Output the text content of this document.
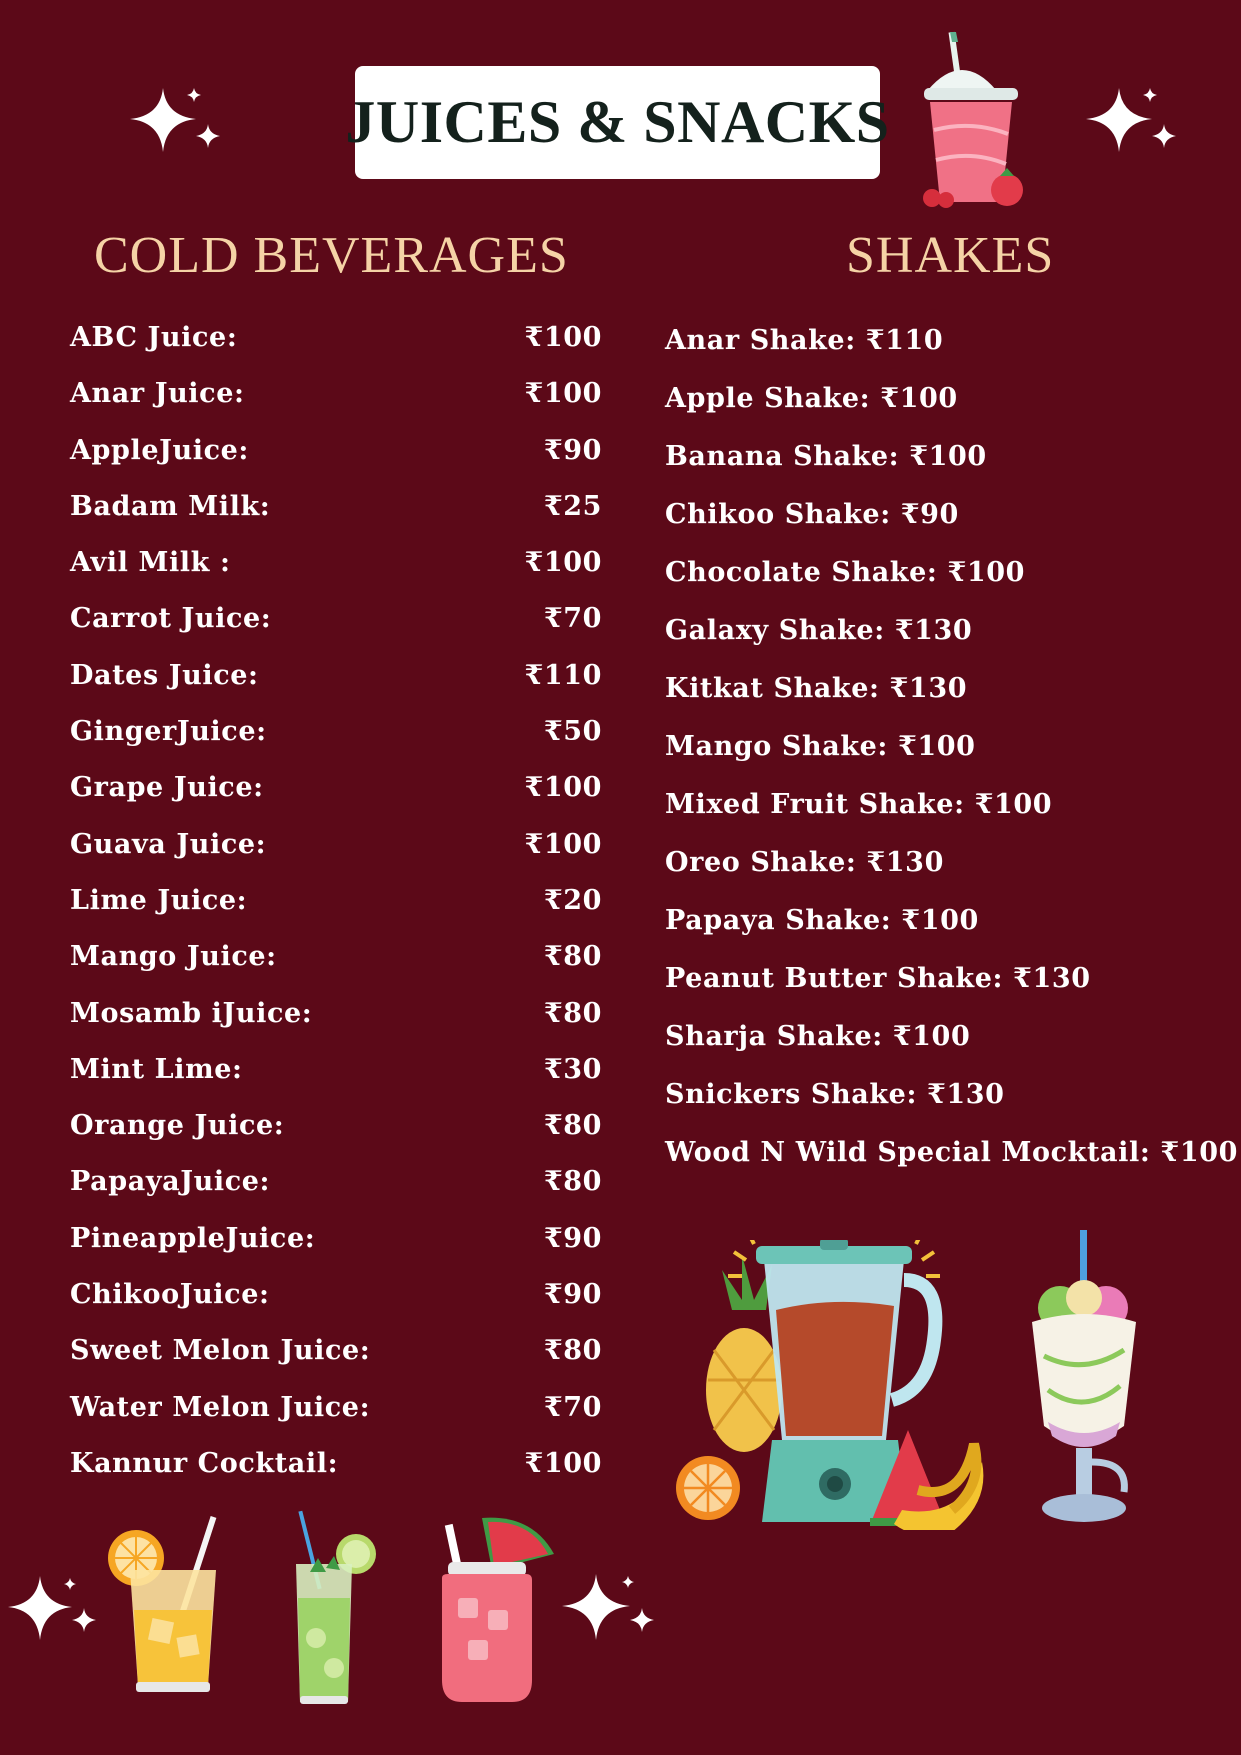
JUICES & SNACKS
COLD BEVERAGES	SHAKES
ABC Juice:	₹100
Anar Juice:	₹100
AppleJuice:	₹90
Badam Milk:	₹25
Avil Milk :	₹100
Carrot Juice:	₹70
Dates Juice:	₹110
GingerJuice:	₹50
Grape Juice:	₹100
Guava Juice:	₹100
Lime Juice:	₹20
Mango Juice:	₹80
Mosamb iJuice:	₹80
Mint Lime:	₹30
Orange Juice:	₹80
PapayaJuice:	₹80
PineappleJuice:	₹90
ChikooJuice:	₹90
Sweet Melon Juice:	₹80
Water Melon Juice:	₹70
Kannur Cocktail:	₹100
Anar Shake: ₹110
Apple Shake: ₹100
Banana Shake: ₹100
Chikoo Shake: ₹90
Chocolate Shake: ₹100
Galaxy Shake: ₹130
Kitkat Shake: ₹130
Mango Shake: ₹100
Mixed Fruit Shake: ₹100
Oreo Shake: ₹130
Papaya Shake: ₹100
Peanut Butter Shake: ₹130
Sharja Shake: ₹100
Snickers Shake: ₹130
Wood N Wild Special Mocktail: ₹100
